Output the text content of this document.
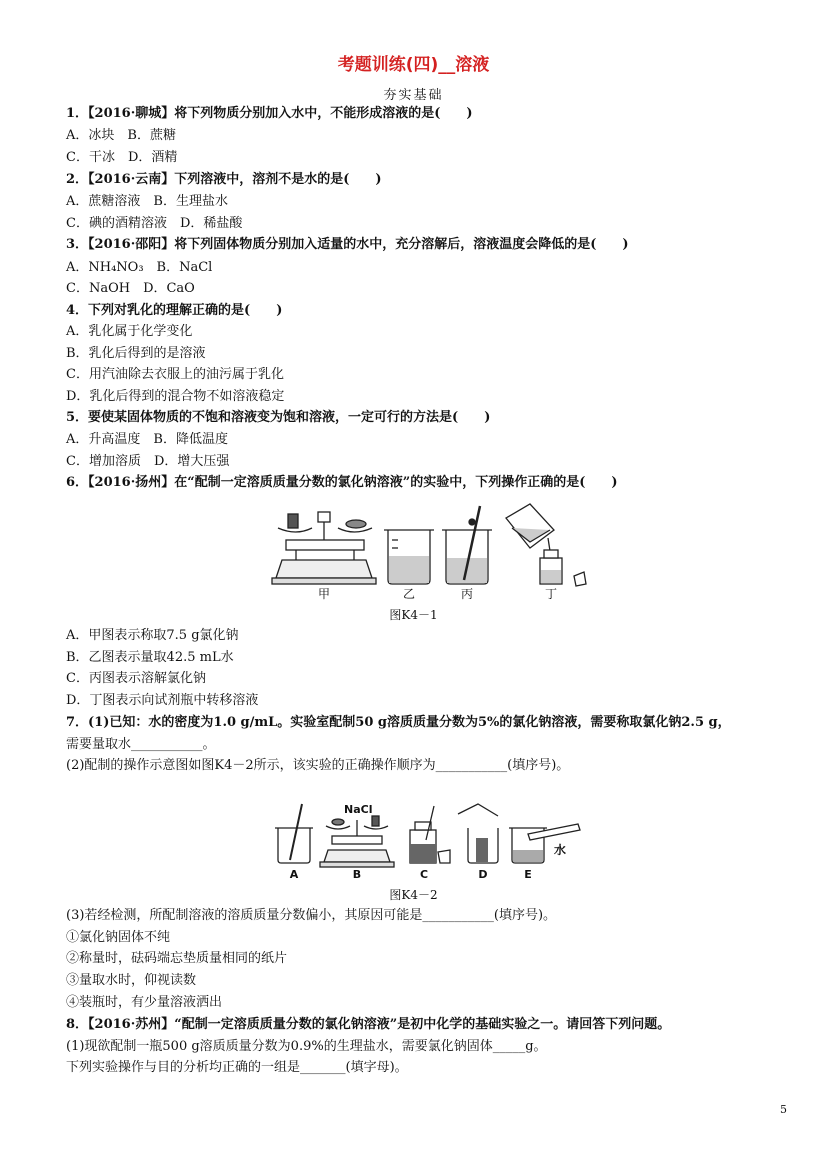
考题训练(四)__溶液
夯实基础
1．【2016·聊城】将下列物质分别加入水中，不能形成溶液的是(　　)
A．冰块　B．蔗糖
C．干冰　D．酒精
2．【2016·云南】下列溶液中，溶剂不是水的是(　　)
A．蔗糖溶液　B．生理盐水
C．碘的酒精溶液　D．稀盐酸
3．【2016·邵阳】将下列固体物质分别加入适量的水中，充分溶解后，溶液温度会降低的是(　　)
A．NH₄NO₃　B．NaCl
C．NaOH　D．CaO
4．下列对乳化的理解正确的是(　　)
A．乳化属于化学变化
B．乳化后得到的是溶液
C．用汽油除去衣服上的油污属于乳化
D．乳化后得到的混合物不如溶液稳定
5．要使某固体物质的不饱和溶液变为饱和溶液，一定可行的方法是(　　)
A．升高温度　B．降低温度
C．增加溶质　D．增大压强
6．【2016·扬州】在“配制一定溶质质量分数的氯化钠溶液”的实验中，下列操作正确的是(　　)
甲	乙	丙	丁
图K4－1
A．甲图表示称取7.5 g氯化钠
B．乙图表示量取42.5 mL水
C．丙图表示溶解氯化钠
D．丁图表示向试剂瓶中转移溶液
7．(1)已知：水的密度为1.0 g/mL。实验室配制50 g溶质质量分数为5%的氯化钠溶液，需要称取氯化钠2.5 g，
需要量取水___________。
(2)配制的操作示意图如图K4－2所示，该实验的正确操作顺序为___________(填序号)。
NaCl
水
A	B	C	D	E
图K4－2
(3)若经检测，所配制溶液的溶质质量分数偏小，其原因可能是___________(填序号)。
①氯化钠固体不纯
②称量时，砝码端忘垫质量相同的纸片
③量取水时，仰视读数
④装瓶时，有少量溶液洒出
8．【2016·苏州】“配制一定溶质质量分数的氯化钠溶液”是初中化学的基础实验之一。请回答下列问题。
(1)现欲配制一瓶500 g溶质质量分数为0.9%的生理盐水，需要氯化钠固体_____g。
下列实验操作与目的分析均正确的一组是_______(填字母)。
5
